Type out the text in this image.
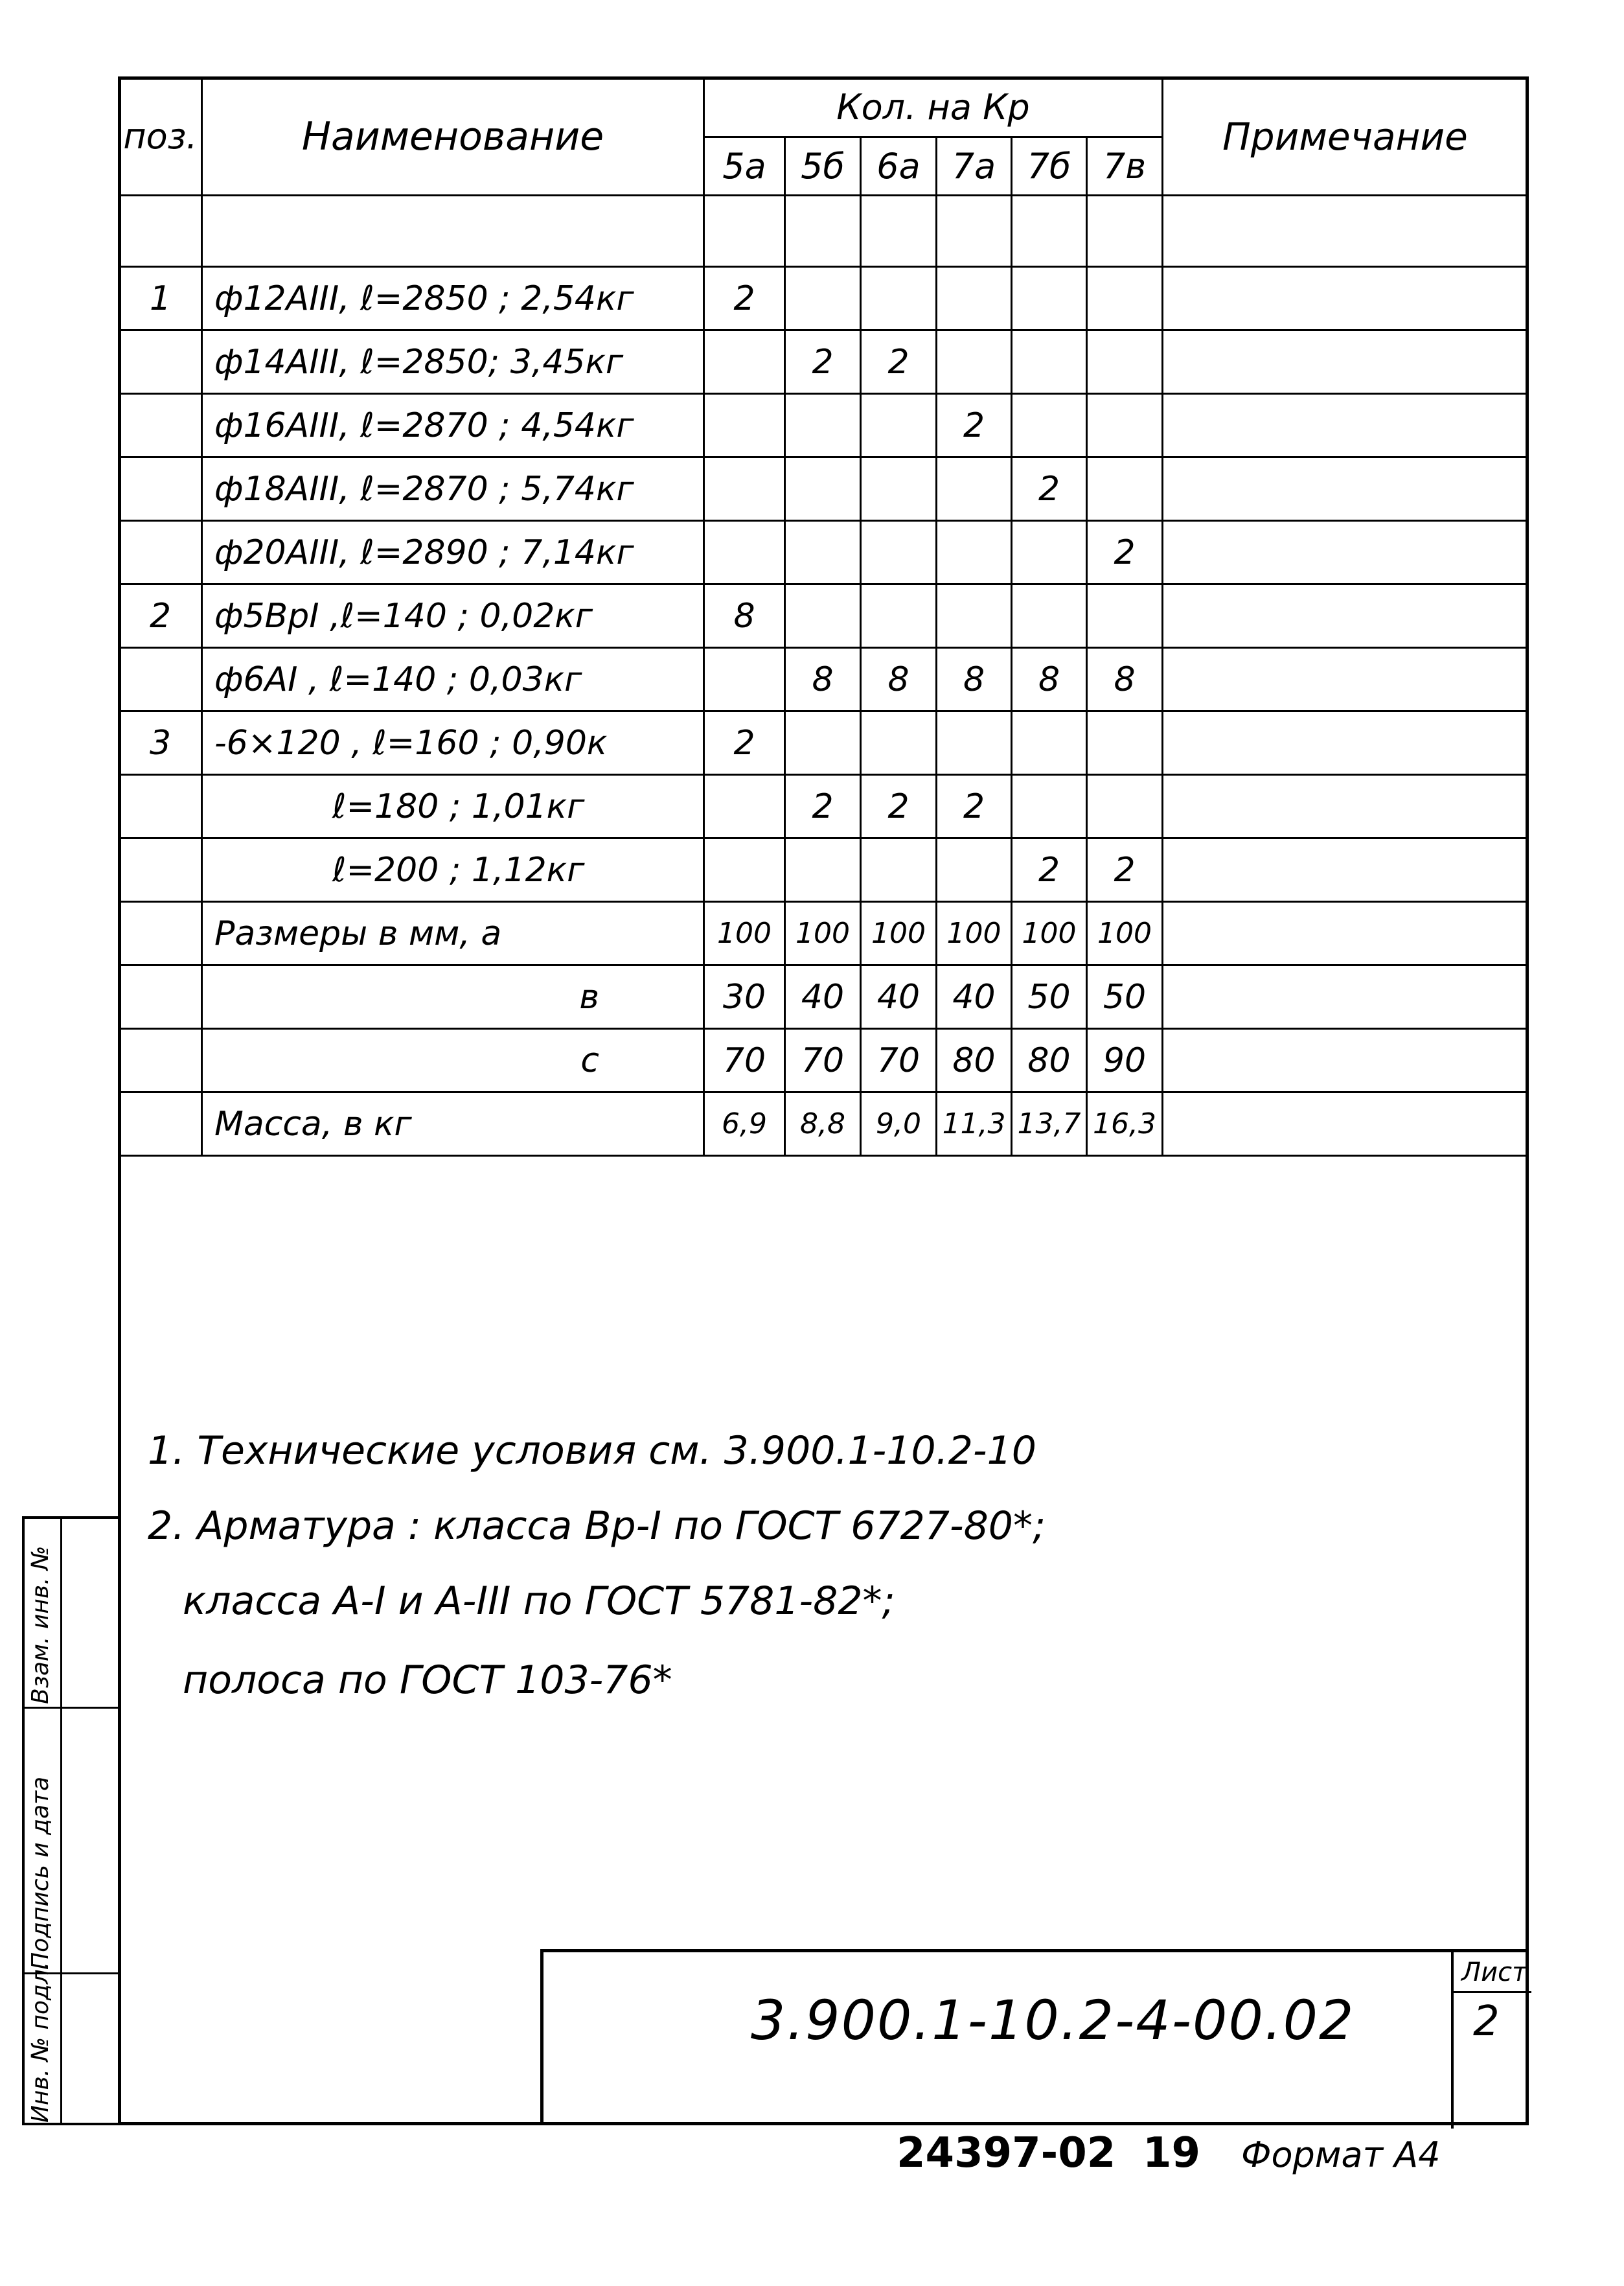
поз.	Наименование	Кол. на Кр						Примечание
		5а	5б	6а	7а	7б	7в	

1	ф12АIII, ℓ=2850 ; 2,54кг	2						
	ф14АIII, ℓ=2850; 3,45кг		2	2				
	ф16АIII, ℓ=2870 ; 4,54кг				2			
	ф18АIII, ℓ=2870 ; 5,74кг					2		
	ф20АIII, ℓ=2890 ; 7,14кг						2	
2	ф5ВрI ,ℓ=140 ; 0,02кг	8						
	ф6АI , ℓ=140 ; 0,03кг		8	8	8	8	8	
3	-6×120 , ℓ=160 ; 0,90к	2						
	ℓ=180 ; 1,01кг		2	2	2			
	ℓ=200 ; 1,12кг					2	2	
	Размеры в мм, а	100	100	100	100	100	100	
	в	30	40	40	40	50	50	
	с	70	70	70	80	80	90	
	Масса, в кг	6,9	8,8	9,0	11,3	13,7	16,3	
1. Технические условия см. 3.900.1-10.2-10
2. Арматура : класса Вр-I по ГОСТ 6727-80*;
класса А-I и А-III по ГОСТ 5781-82*;
полоса по ГОСТ 103-76*
Инв. № подл.
Подпись и дата
Взам. инв. №
3.900.1-10.2-4-00.02
Лист
2
24397-02 19 Формат А4
